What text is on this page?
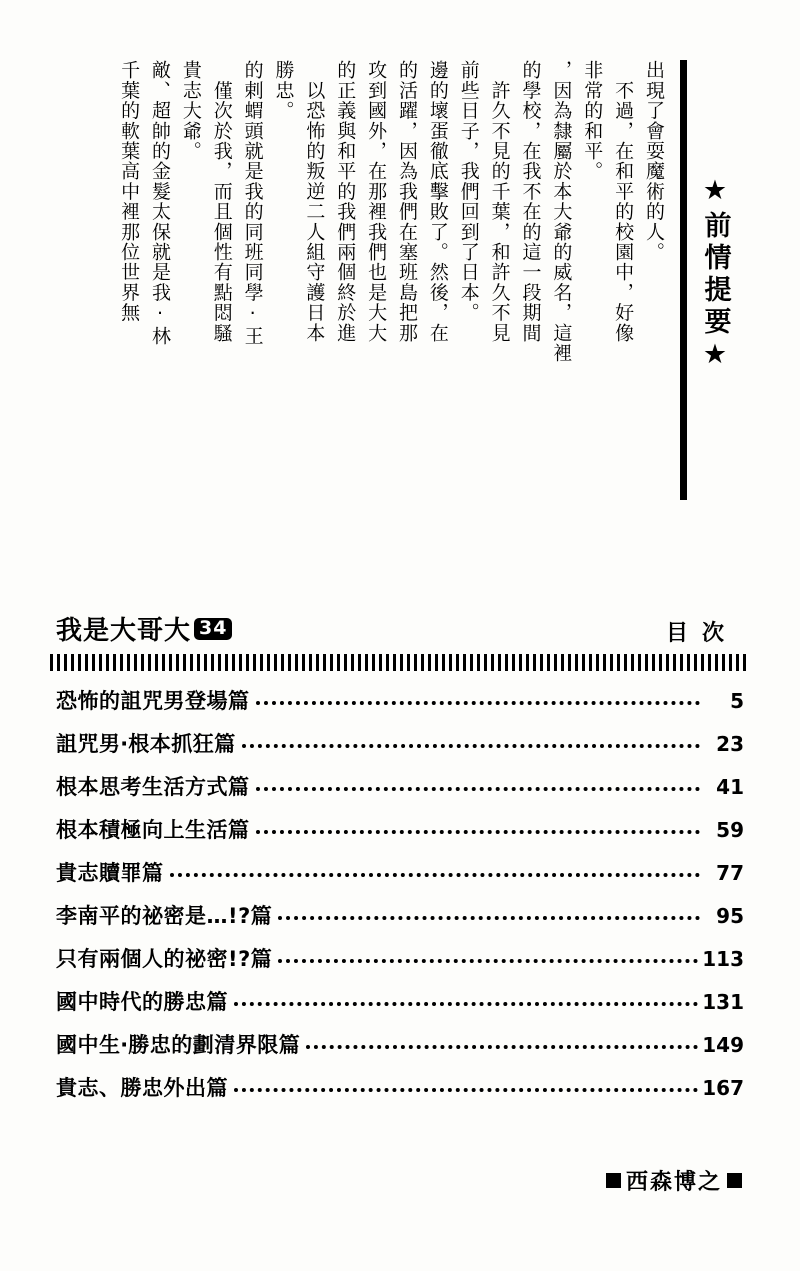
★前情提要★
千葉的軟葉高中裡那位世界無 敵、超帥的金髮太保就是我‧林 貴志大爺。 　僅次於我，而且個性有點悶騷 的剌蝟頭就是我的同班同學‧王 勝忠。 　以恐怖的叛逆二人組守護日本 的正義與和平的我們兩個終於進 攻到國外，在那裡我們也是大大 的活躍，因為我們在塞班島把那 邊的壞蛋徹底擊敗了。然後，在 前些日子，我們回到了日本。 　許久不見的千葉，和許久不見 的學校，在我不在的這一段期間 ，因為隸屬於本大爺的威名，這裡 非常的和平。 　不過，在和平的校園中，好像 出現了會耍魔術的人。
我是大哥大 34	目次
恐怖的詛咒男登場篇	5
詛咒男‧根本抓狂篇	23
根本思考生活方式篇	41
根本積極向上生活篇	59
貴志贖罪篇	77
李南平的祕密是…!?篇	95
只有兩個人的祕密!?篇	113
國中時代的勝忠篇	131
國中生‧勝忠的劃清界限篇	149
貴志、勝忠外出篇	167
西森博之
